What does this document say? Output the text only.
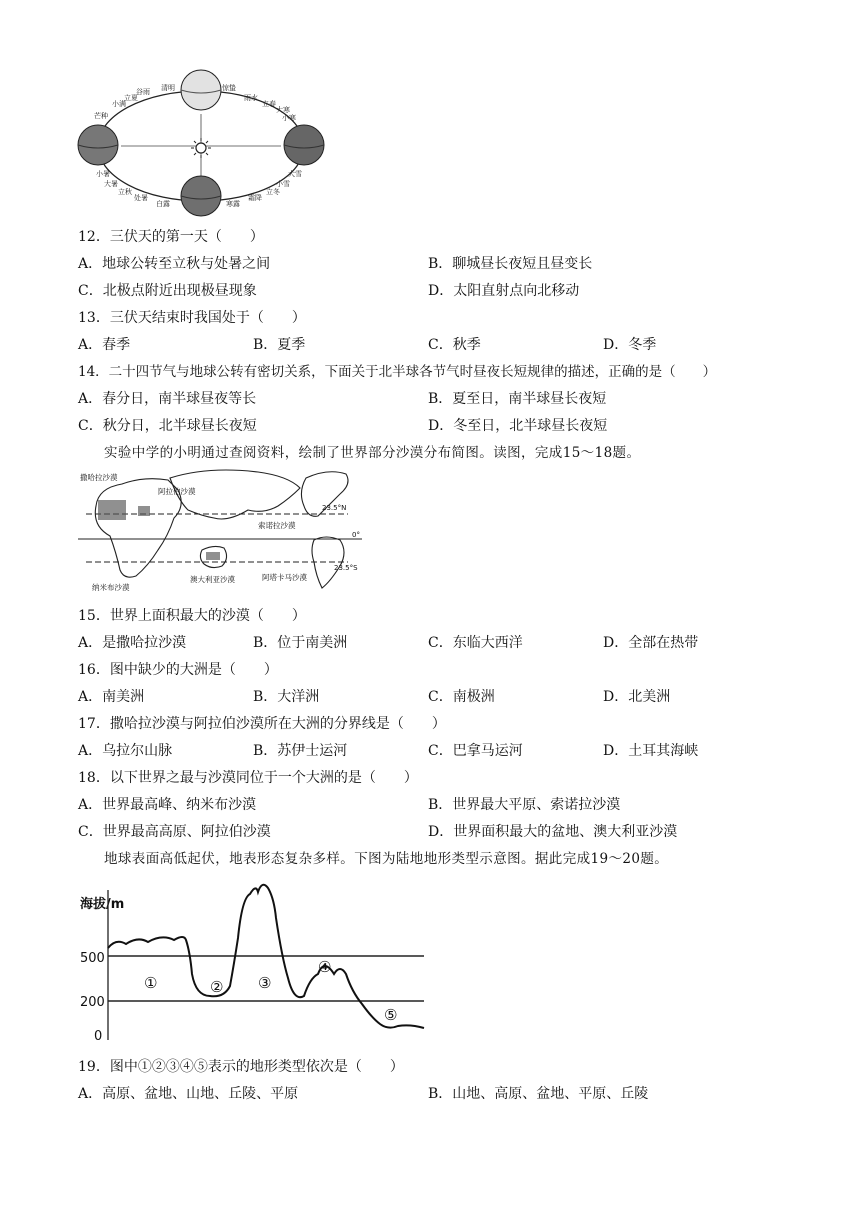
谷雨 清明
小满
立夏
芒种
惊蛰
雨水
立春
大寒
小寒
大雪
小雪
立冬
霜降
寒露
白露
处暑
立秋
大暑
小暑
12．三伏天的第一天（　　）
A．地球公转至立秋与处暑之间	B．聊城昼长夜短且昼变长
C．北极点附近出现极昼现象	D．太阳直射点向北移动
13．三伏天结束时我国处于（　　）
A．春季	B．夏季	C．秋季	D．冬季
14．二十四节气与地球公转有密切关系，下面关于北半球各节气时昼夜长短规律的描述，正确的是（　　）
A．春分日，南半球昼夜等长	B．夏至日，南半球昼长夜短
C．秋分日，北半球昼长夜短	D．冬至日，北半球昼长夜短
实验中学的小明通过查阅资料，绘制了世界部分沙漠分布简图。读图，完成15～18题。
撒哈拉沙漠
阿拉伯沙漠
索诺拉沙漠
纳米布沙漠
澳大利亚沙漠	阿塔卡马沙漠
23.5°N
0°
23.5°S
15．世界上面积最大的沙漠（　　）
A．是撒哈拉沙漠	B．位于南美洲	C．东临大西洋	D．全部在热带
16．图中缺少的大洲是（　　）
A．南美洲	B．大洋洲	C．南极洲	D．北美洲
17．撒哈拉沙漠与阿拉伯沙漠所在大洲的分界线是（　　）
A．乌拉尔山脉	B．苏伊士运河	C．巴拿马运河	D．土耳其海峡
18．以下世界之最与沙漠同位于一个大洲的是（　　）
A．世界最高峰、纳米布沙漠	B．世界最大平原、索诺拉沙漠
C．世界最高高原、阿拉伯沙漠	D．世界面积最大的盆地、澳大利亚沙漠
地球表面高低起伏，地表形态复杂多样。下图为陆地地形类型示意图。据此完成19～20题。
海拔/m
500
200
0
①	② ③
④
⑤
19．图中①②③④⑤表示的地形类型依次是（　　）
A．高原、盆地、山地、丘陵、平原	B．山地、高原、盆地、平原、丘陵
